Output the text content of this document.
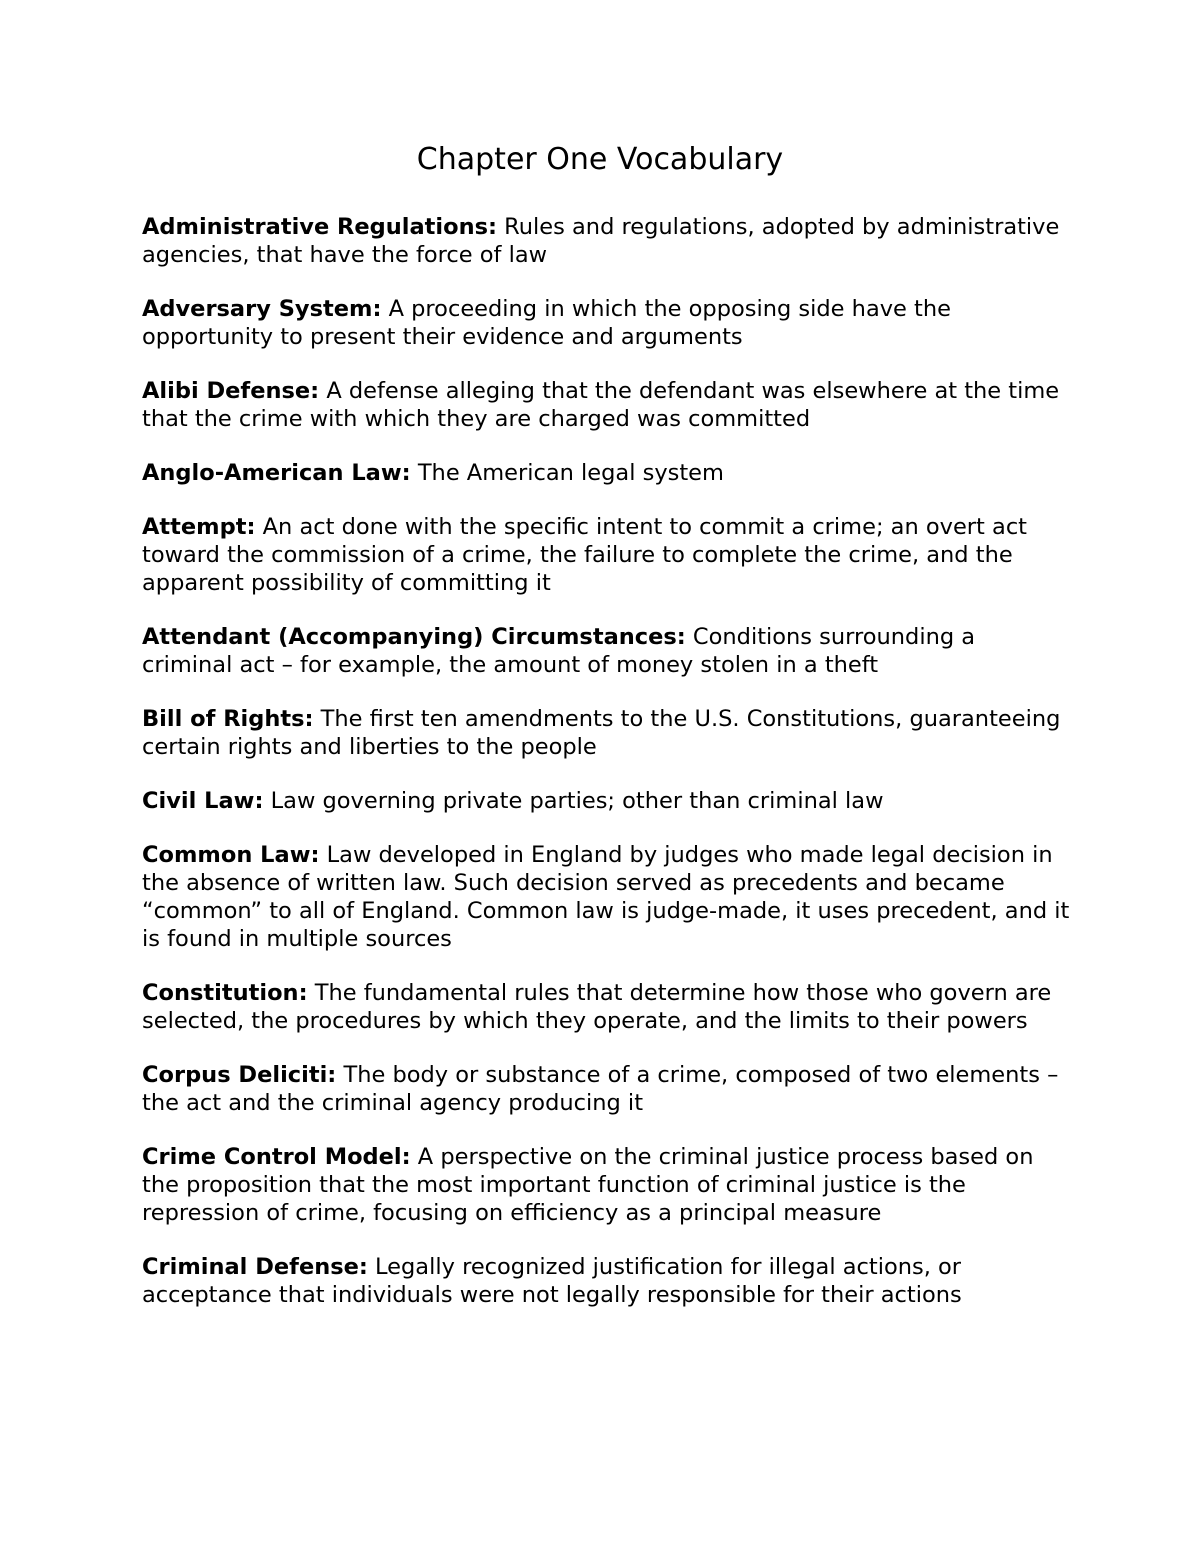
Chapter One Vocabulary

Administrative Regulations: Rules and regulations, adopted by administrative agencies, that have the force of law

Adversary System: A proceeding in which the opposing side have the opportunity to present their evidence and arguments

Alibi Defense: A defense alleging that the defendant was elsewhere at the time that the crime with which they are charged was committed

Anglo-American Law: The American legal system

Attempt: An act done with the specific intent to commit a crime; an overt act toward the commission of a crime, the failure to complete the crime, and the apparent possibility of committing it

Attendant (Accompanying) Circumstances: Conditions surrounding a criminal act – for example, the amount of money stolen in a theft

Bill of Rights: The first ten amendments to the U.S. Constitutions, guaranteeing certain rights and liberties to the people

Civil Law: Law governing private parties; other than criminal law

Common Law: Law developed in England by judges who made legal decision in the absence of written law. Such decision served as precedents and became “common” to all of England. Common law is judge-made, it uses precedent, and it is found in multiple sources

Constitution: The fundamental rules that determine how those who govern are selected, the procedures by which they operate, and the limits to their powers

Corpus Deliciti: The body or substance of a crime, composed of two elements – the act and the criminal agency producing it

Crime Control Model: A perspective on the criminal justice process based on the proposition that the most important function of criminal justice is the repression of crime, focusing on efficiency as a principal measure

Criminal Defense: Legally recognized justification for illegal actions, or acceptance that individuals were not legally responsible for their actions
